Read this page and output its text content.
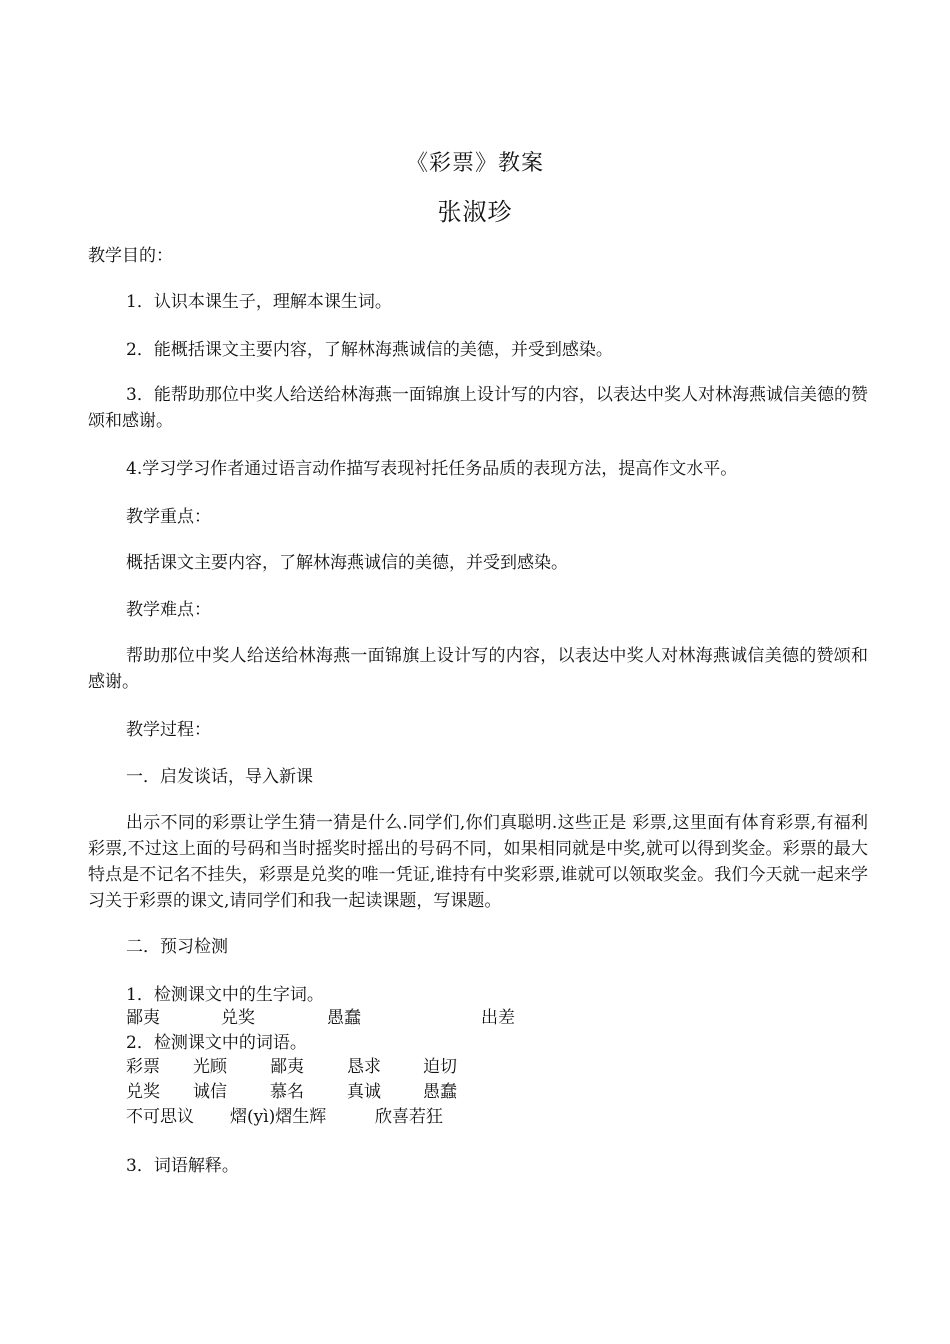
《彩票》教案
张淑珍
教学目的：
1．认识本课生子，理解本课生词。
2．能概括课文主要内容，了解林海燕诚信的美德，并受到感染。
3．能帮助那位中奖人给送给林海燕一面锦旗上设计写的内容，以表达中奖人对林海燕诚信美德的赞颂和感谢。
4.学习学习作者通过语言动作描写表现衬托任务品质的表现方法，提高作文水平。
教学重点：
概括课文主要内容，了解林海燕诚信的美德，并受到感染。
教学难点：
帮助那位中奖人给送给林海燕一面锦旗上设计写的内容，以表达中奖人对林海燕诚信美德的赞颂和感谢。
教学过程：
一．启发谈话，导入新课
出示不同的彩票让学生猜一猜是什么.同学们,你们真聪明.这些正是 彩票,这里面有体育彩票,有福利彩票,不过这上面的号码和当时摇奖时摇出的号码不同，如果相同就是中奖,就可以得到奖金。彩票的最大特点是不记名不挂失，彩票是兑奖的唯一凭证,谁持有中奖彩票,谁就可以领取奖金。我们今天就一起来学习关于彩票的课文,请同学们和我一起读课题，写课题。
二．预习检测
1．检测课文中的生字词。
鄙夷	兑奖	愚蠢	出差
2．检测课文中的词语。
彩票 光顾	鄙夷	恳求 迫切
兑奖 诚信	慕名	真诚 愚蠢
不可思议 熠(yì)熠生辉	欣喜若狂
3．词语解释。
